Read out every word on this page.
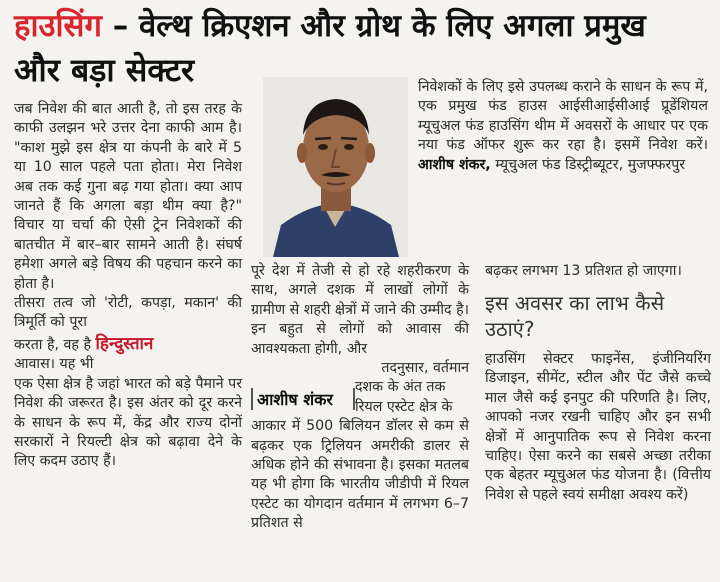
हाउसिंग – वेल्थ क्रिएशन और ग्रोथ के लिए अगला प्रमुख
और बड़ा सेक्टर

जब निवेश की बात आती है, तो इस तरह के काफी उलझन भरे उत्तर देना काफी आम है। "काश मुझे इस क्षेत्र या कंपनी के बारे में 5 या 10 साल पहले पता होता। मेरा निवेश अब तक कई गुना बढ़ गया होता। क्या आप जानते हैं कि अगला बड़ा थीम क्या है?" विचार या चर्चा की ऐसी ट्रेन निवेशकों की बातचीत में बार–बार सामने आती है। संघर्ष हमेशा अगले बड़े विषय की पहचान करने का होता है।

तीसरा तत्व जो 'रोटी, कपड़ा, मकान' की त्रिमूर्ति को पूरा

करता है, वह है हिन्दुस्तान

आवास। यह भी

एक ऐसा क्षेत्र है जहां भारत को बड़े पैमाने पर निवेश की जरूरत है। इस अंतर को दूर करने के साधन के रूप में, केंद्र और राज्य दोनों सरकारों ने रियल्टी क्षेत्र को बढ़ावा देने के लिए कदम उठाए हैं।

निवेशकों के लिए इसे उपलब्ध कराने के साधन के रूप में, एक प्रमुख फंड हाउस आईसीआईसीआई प्रूडेंशियल म्यूचुअल फंड हाउसिंग थीम में अवसरों के आधार पर एक नया फंड ऑफर शुरू कर रहा है। इसमें निवेश करें। आशीष शंकर, म्यूचुअल फंड डिस्ट्रीब्यूटर, मुजफ्फरपुर

पूरे देश में तेजी से हो रहे शहरीकरण के साथ, अगले दशक में लाखों लोगों के ग्रामीण से शहरी क्षेत्रों में जाने की उम्मीद है। इन बहुत से लोगों को आवास की आवश्यकता होगी, और

तदनुसार, वर्तमान

दशक के अंत तक

रियल एस्टेट क्षेत्र के

आकार में 500 बिलियन डॉलर से कम से बढ़कर एक ट्रिलियन अमरीकी डालर से अधिक होने की संभावना है। इसका मतलब यह भी होगा कि भारतीय जीडीपी में रियल एस्टेट का योगदान वर्तमान में लगभग 6–7 प्रतिशत से

आशीष शंकर
बढ़कर लगभग 13 प्रतिशत हो जाएगा।
इस अवसर का लाभ कैसे उठाएं?
हाउसिंग सेक्टर फाइनेंस, इंजीनियरिंग डिजाइन, सीमेंट, स्टील और पेंट जैसे कच्चे माल जैसे कई इनपुट की परिणति है। लिए, आपको नजर रखनी चाहिए और इन सभी क्षेत्रों में आनुपातिक रूप से निवेश करना चाहिए। ऐसा करने का सबसे अच्छा तरीका एक बेहतर म्यूचुअल फंड योजना है। (वित्तीय निवेश से पहले स्वयं समीक्षा अवश्य करें)
